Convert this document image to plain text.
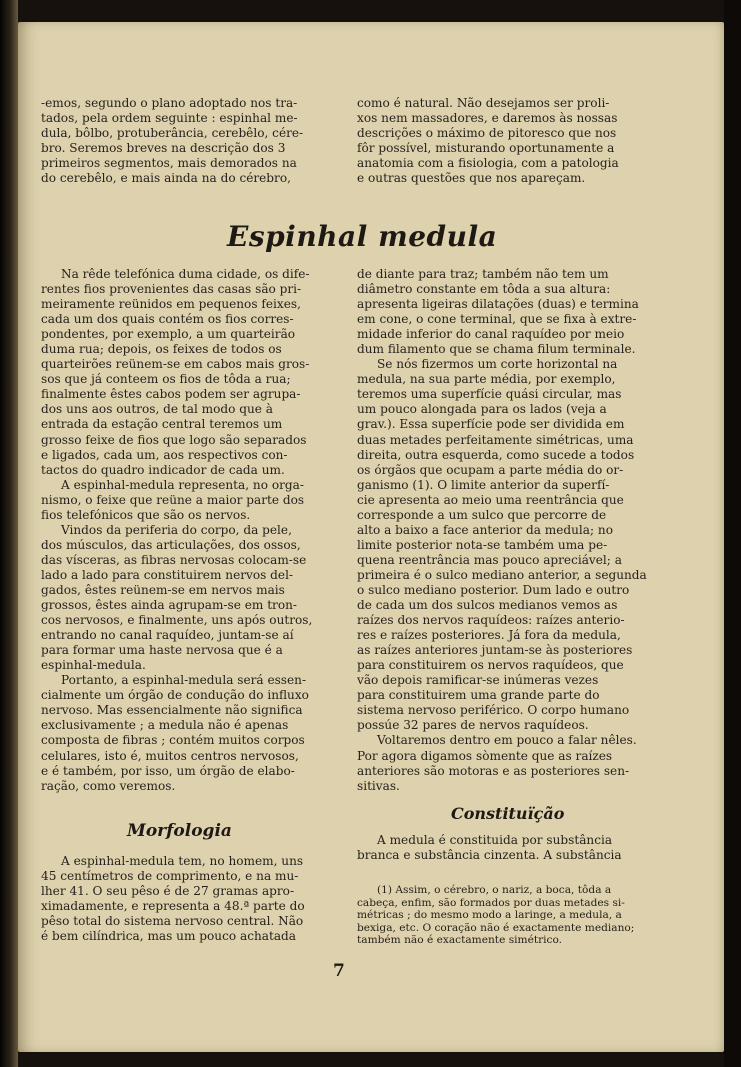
-emos, segundo o plano adoptado nos tra-

tados, pela ordem seguinte : espinhal me-

dula, bôlbo, protuberância, cerebêlo, cére-

bro. Seremos breves na descrição dos 3

primeiros segmentos, mais demorados na

do cerebêlo, e mais ainda na do cérebro,

como é natural. Não desejamos ser proli-

xos nem massadores, e daremos às nossas

descrições o máximo de pitoresco que nos

fôr possível, misturando oportunamente a

anatomia com a fisiologia, com a patologia

e outras questões que nos apareçam.

Espinhal medula

Na rêde telefónica duma cidade, os dife-

rentes fios provenientes das casas são pri-

meiramente reünidos em pequenos feixes,

cada um dos quais contém os fios corres-

pondentes, por exemplo, a um quarteirão

duma rua; depois, os feixes de todos os

quarteirões reünem-se em cabos mais gros-

sos que já conteem os fios de tôda a rua;

finalmente êstes cabos podem ser agrupa-

dos uns aos outros, de tal modo que à

entrada da estação central teremos um

grosso feixe de fios que logo são separados

e ligados, cada um, aos respectivos con-

tactos do quadro indicador de cada um.

A espinhal-medula representa, no orga-

nismo, o feixe que reüne a maior parte dos

fios telefónicos que são os nervos.

Vindos da periferia do corpo, da pele,

dos músculos, das articulações, dos ossos,

das vísceras, as fibras nervosas colocam-se

lado a lado para constituirem nervos del-

gados, êstes reünem-se em nervos mais

grossos, êstes ainda agrupam-se em tron-

cos nervosos, e finalmente, uns após outros,

entrando no canal raquídeo, juntam-se aí

para formar uma haste nervosa que é a

espinhal-medula.

Portanto, a espinhal-medula será essen-

cialmente um órgão de condução do influxo

nervoso. Mas essencialmente não significa

exclusivamente ; a medula não é apenas

composta de fibras ; contém muitos corpos

celulares, isto é, muitos centros nervosos,

e é também, por isso, um órgão de elabo-

ração, como veremos.

Morfologia

A espinhal-medula tem, no homem, uns

45 centímetros de comprimento, e na mu-

lher 41. O seu pêso é de 27 gramas apro-

ximadamente, e representa a 48.ª parte do

pêso total do sistema nervoso central. Não

é bem cilíndrica, mas um pouco achatada

de diante para traz; também não tem um

diâmetro constante em tôda a sua altura:

apresenta ligeiras dilatações (duas) e termina

em cone, o cone terminal, que se fixa à extre-

midade inferior do canal raquídeo por meio

dum filamento que se chama filum terminale.

Se nós fizermos um corte horizontal na

medula, na sua parte média, por exemplo,

teremos uma superfície quási circular, mas

um pouco alongada para os lados (veja a

grav.). Essa superfície pode ser dividida em

duas metades perfeitamente simétricas, uma

direita, outra esquerda, como sucede a todos

os órgãos que ocupam a parte média do or-

ganismo (1). O limite anterior da superfí-

cie apresenta ao meio uma reentrância que

corresponde a um sulco que percorre de

alto a baixo a face anterior da medula; no

limite posterior nota-se também uma pe-

quena reentrância mas pouco apreciável; a

primeira é o sulco mediano anterior, a segunda

o sulco mediano posterior. Dum lado e outro

de cada um dos sulcos medianos vemos as

raízes dos nervos raquídeos: raízes anterio-

res e raízes posteriores. Já fora da medula,

as raízes anteriores juntam-se às posteriores

para constituirem os nervos raquídeos, que

vão depois ramificar-se inúmeras vezes

para constituirem uma grande parte do

sistema nervoso periférico. O corpo humano

possúe 32 pares de nervos raquídeos.

Voltaremos dentro em pouco a falar nêles.

Por agora digamos sòmente que as raízes

anteriores são motoras e as posteriores sen-

sitivas.

Constituïção

A medula é constituida por substância

branca e substância cinzenta. A substância

(1) Assim, o cérebro, o nariz, a boca, tôda a

cabeça, enfim, são formados por duas metades si-

métricas ; do mesmo modo a laringe, a medula, a

bexiga, etc. O coração não é exactamente mediano;

também não é exactamente simétrico.

7
